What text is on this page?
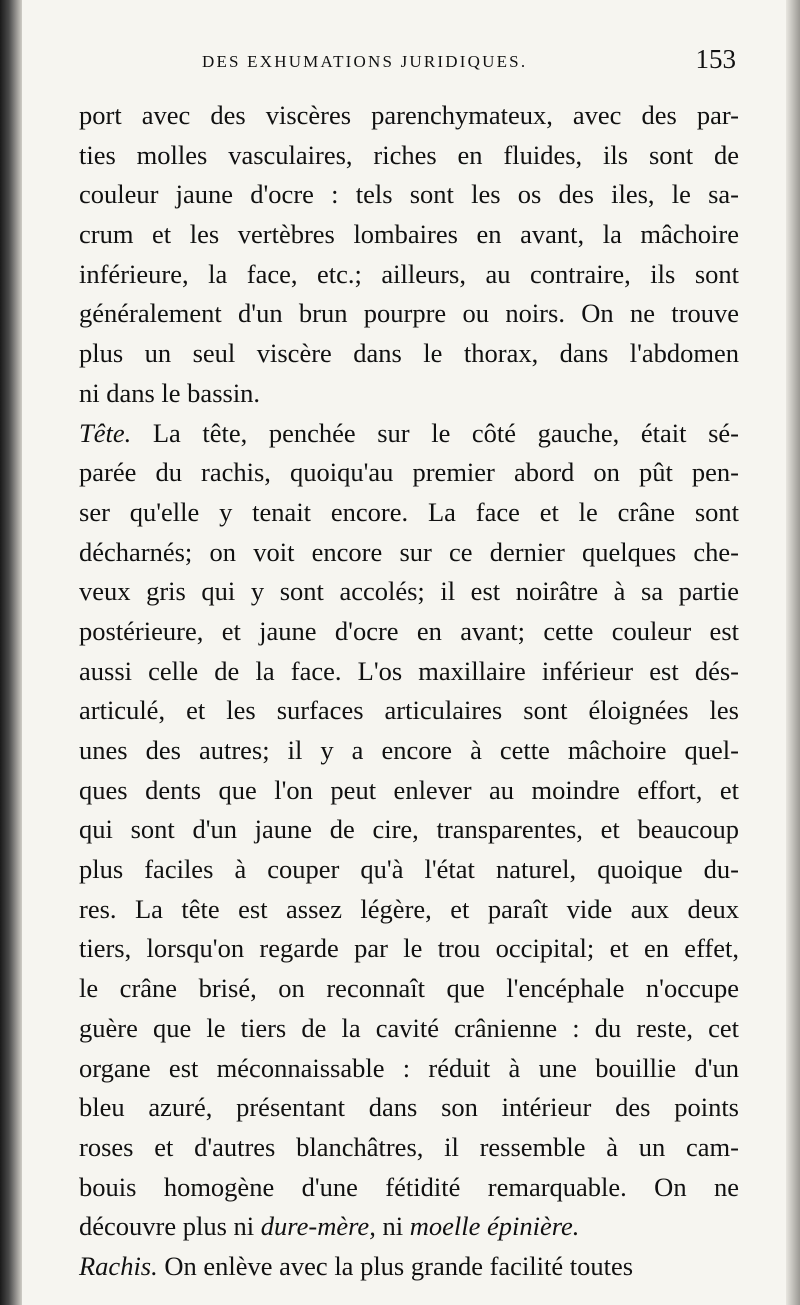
DES EXHUMATIONS JURIDIQUES.	153
port avec des viscères parenchymateux, avec des par-
ties molles vasculaires, riches en fluides, ils sont de
couleur jaune d'ocre : tels sont les os des iles, le sa-
crum et les vertèbres lombaires en avant, la mâchoire
inférieure, la face, etc.; ailleurs, au contraire, ils sont
généralement d'un brun pourpre ou noirs. On ne trouve
plus un seul viscère dans le thorax, dans l'abdomen
ni dans le bassin.
Tête. La tête, penchée sur le côté gauche, était sé-
parée du rachis, quoiqu'au premier abord on pût pen-
ser qu'elle y tenait encore. La face et le crâne sont
décharnés; on voit encore sur ce dernier quelques che-
veux gris qui y sont accolés; il est noirâtre à sa partie
postérieure, et jaune d'ocre en avant; cette couleur est
aussi celle de la face. L'os maxillaire inférieur est dés-
articulé, et les surfaces articulaires sont éloignées les
unes des autres; il y a encore à cette mâchoire quel-
ques dents que l'on peut enlever au moindre effort, et
qui sont d'un jaune de cire, transparentes, et beaucoup
plus faciles à couper qu'à l'état naturel, quoique du-
res. La tête est assez légère, et paraît vide aux deux
tiers, lorsqu'on regarde par le trou occipital; et en effet,
le crâne brisé, on reconnaît que l'encéphale n'occupe
guère que le tiers de la cavité crânienne : du reste, cet
organe est méconnaissable : réduit à une bouillie d'un
bleu azuré, présentant dans son intérieur des points
roses et d'autres blanchâtres, il ressemble à un cam-
bouis homogène d'une fétidité remarquable. On ne
découvre plus ni dure-mère, ni moelle épinière.
Rachis. On enlève avec la plus grande facilité toutes
